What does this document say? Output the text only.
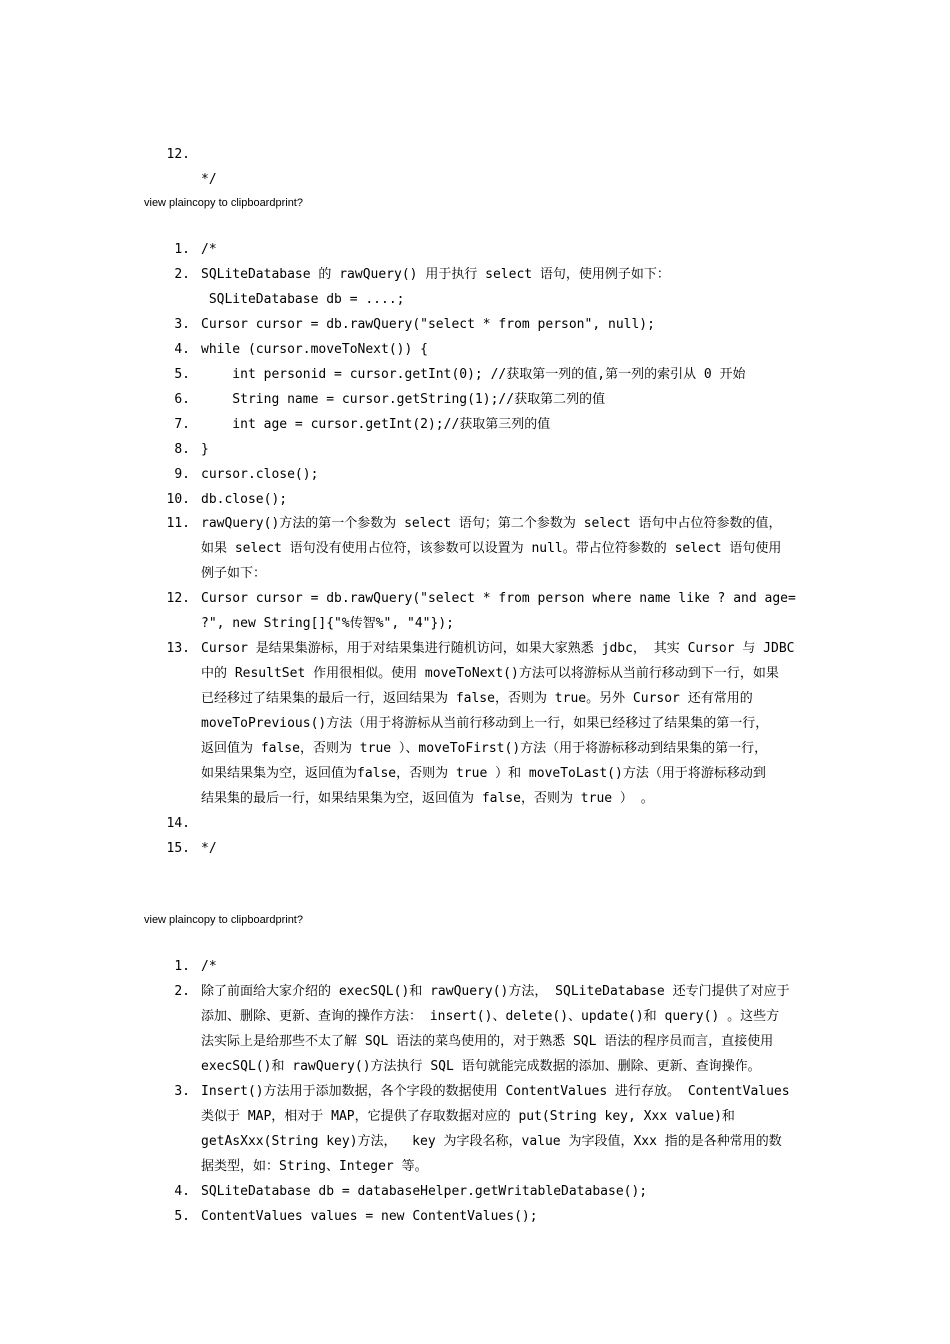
12.

*/

view plaincopy to clipboardprint?
1. /*
2. SQLiteDatabase 的 rawQuery() 用于执行 select 语句，使用例子如下：
SQLiteDatabase db = ....;
3. Cursor cursor = db.rawQuery("select * from person", null);
4. while (cursor.moveToNext()) {
5. int personid = cursor.getInt(0); //获取第一列的值,第一列的索引从 0 开始
6. String name = cursor.getString(1);//获取第二列的值
7. int age = cursor.getInt(2);//获取第三列的值
8. }
9. cursor.close();
10. db.close();
11. rawQuery()方法的第一个参数为 select 语句；第二个参数为 select 语句中占位符参数的值，
如果 select 语句没有使用占位符，该参数可以设置为 null。带占位符参数的 select 语句使用
例子如下：
12. Cursor cursor = db.rawQuery("select * from person where name like ? and age=
?", new String[]{"%传智%", "4"});
13. Cursor 是结果集游标，用于对结果集进行随机访问，如果大家熟悉 jdbc， 其实 Cursor 与 JDBC
中的 ResultSet 作用很相似。使用 moveToNext()方法可以将游标从当前行移动到下一行，如果
已经移过了结果集的最后一行，返回结果为 false，否则为 true。另外 Cursor 还有常用的
moveToPrevious()方法（用于将游标从当前行移动到上一行，如果已经移过了结果集的第一行，
返回值为 false，否则为 true ）、moveToFirst()方法（用于将游标移动到结果集的第一行，
如果结果集为空，返回值为false，否则为 true ）和 moveToLast()方法（用于将游标移动到
结果集的最后一行，如果结果集为空，返回值为 false，否则为 true ） 。
14.
15. */
view plaincopy to clipboardprint?
1. /*
2. 除了前面给大家介绍的 execSQL()和 rawQuery()方法， SQLiteDatabase 还专门提供了对应于
添加、删除、更新、查询的操作方法： insert()、delete()、update()和 query() 。这些方
法实际上是给那些不太了解 SQL 语法的菜鸟使用的，对于熟悉 SQL 语法的程序员而言，直接使用
execSQL()和 rawQuery()方法执行 SQL 语句就能完成数据的添加、删除、更新、查询操作。
3. Insert()方法用于添加数据，各个字段的数据使用 ContentValues 进行存放。 ContentValues
类似于 MAP，相对于 MAP，它提供了存取数据对应的 put(String key, Xxx value)和
getAsXxx(String key)方法，  key 为字段名称，value 为字段值，Xxx 指的是各种常用的数
据类型，如：String、Integer 等。
4. SQLiteDatabase db = databaseHelper.getWritableDatabase();
5. ContentValues values = new ContentValues();
